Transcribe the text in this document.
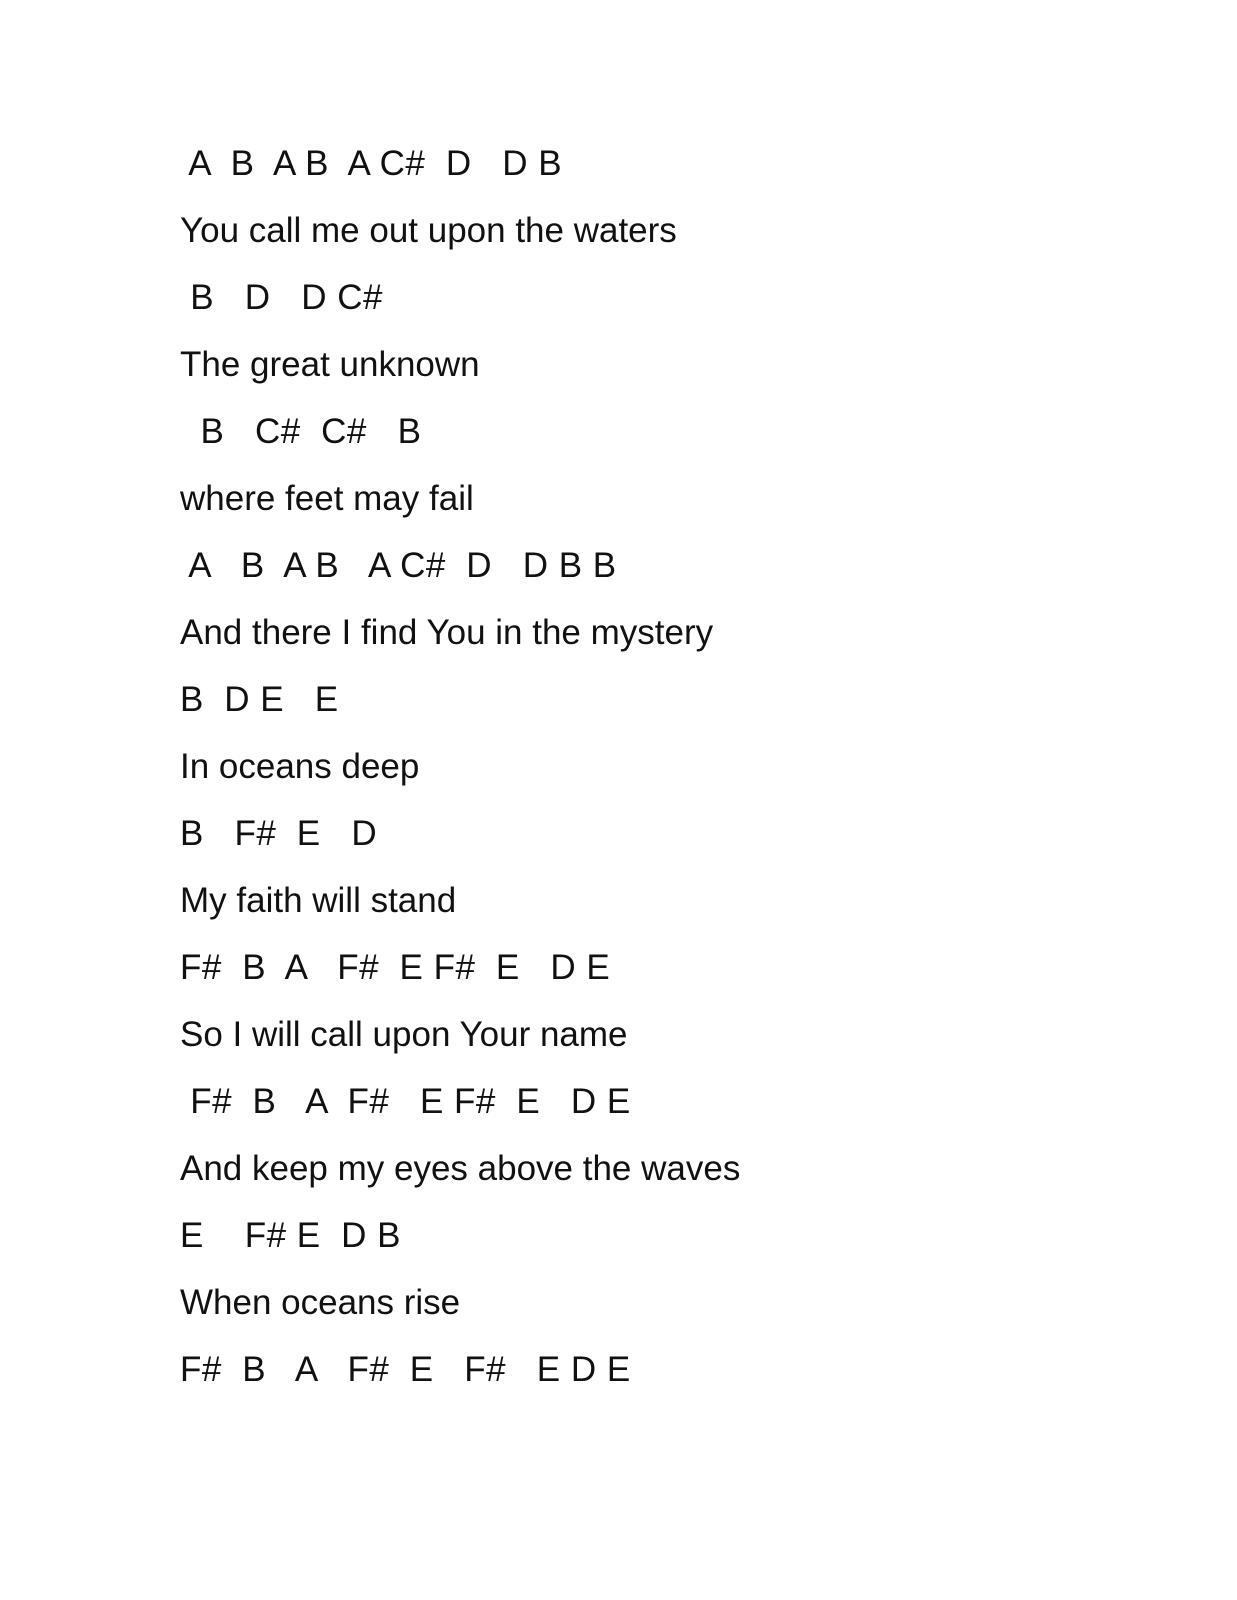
A  B  A B  A C#  D   D B
You call me out upon the waters
B   D   D C#
The great unknown
B   C#  C#   B
where feet may fail
A   B  A B   A C#  D   D B B
And there I find You in the mystery
B  D E   E
In oceans deep
B   F#  E   D
My faith will stand
F#  B  A   F#  E F#  E   D E
So I will call upon Your name
F#  B   A  F#   E F#  E   D E
And keep my eyes above the waves
E    F# E  D B
When oceans rise
F#  B   A   F#  E   F#   E D E
